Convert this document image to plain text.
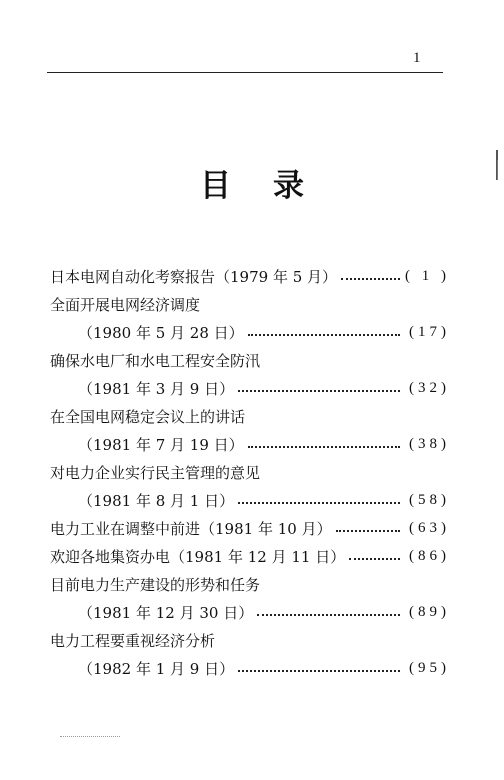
1
目录
日本电网自动化考察报告（1979 年 5 月）	( 1 )
全面开展电网经济调度
（1980 年 5 月 28 日）	(17)
确保水电厂和水电工程安全防汛
（1981 年 3 月 9 日）	(32)
在全国电网稳定会议上的讲话
（1981 年 7 月 19 日）	(38)
对电力企业实行民主管理的意见
（1981 年 8 月 1 日）	(58)
电力工业在调整中前进（1981 年 10 月）	(63)
欢迎各地集资办电（1981 年 12 月 11 日）	(86)
目前电力生产建设的形势和任务
（1981 年 12 月 30 日）	(89)
电力工程要重视经济分析
（1982 年 1 月 9 日）	(95)
